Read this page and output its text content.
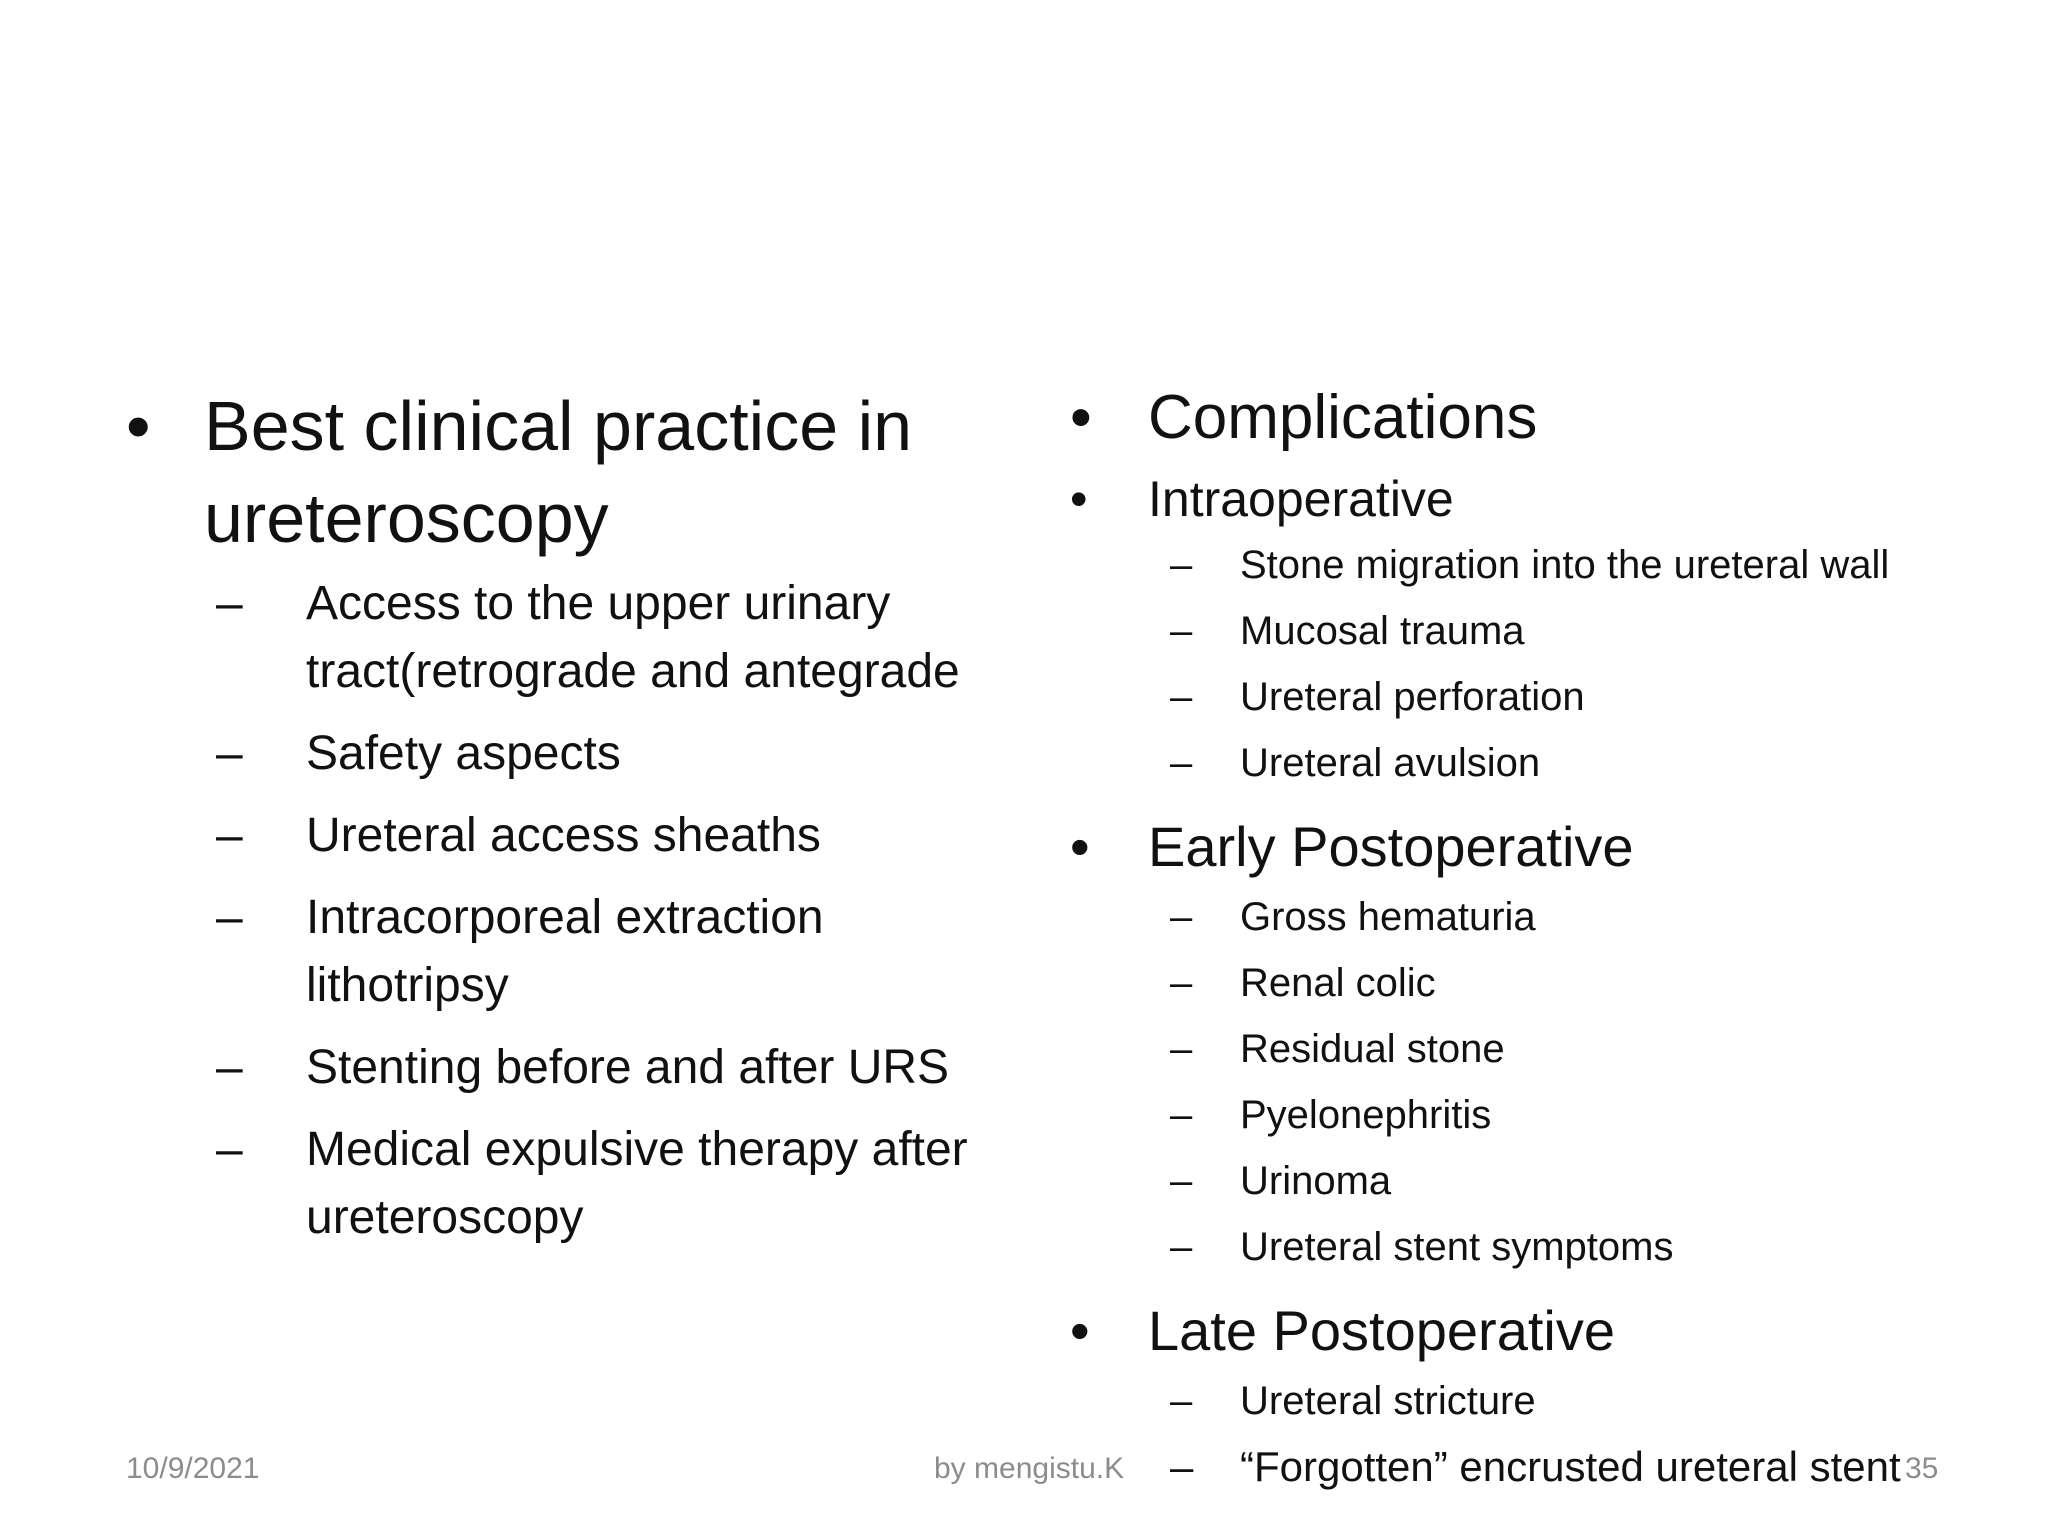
• Best clinical practice in ureteroscopy
– Access to the upper urinary tract(retrograde and antegrade
– Safety aspects
– Ureteral access sheaths
– Intracorporeal extraction lithotripsy
– Stenting before and after URS
– Medical expulsive therapy after ureteroscopy
• Complications
• Intraoperative
– Stone migration into the ureteral wall
– Mucosal trauma
– Ureteral perforation
– Ureteral avulsion
• Early Postoperative
– Gross hematuria
– Renal colic
– Residual stone
– Pyelonephritis
– Urinoma
– Ureteral stent symptoms
• Late Postoperative
– Ureteral stricture
– “Forgotten” encrusted ureteral stent
10/9/2021	by mengistu.K	35
